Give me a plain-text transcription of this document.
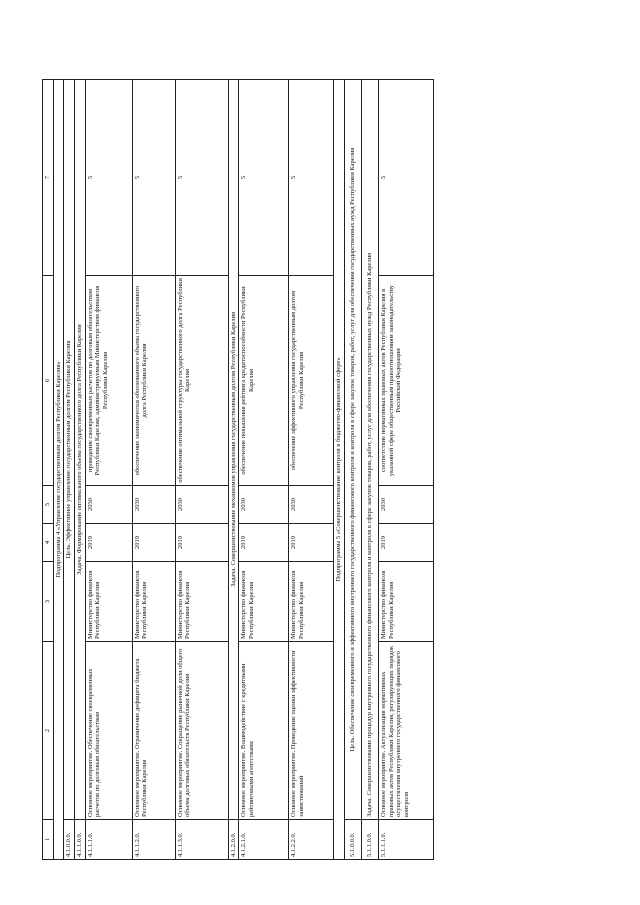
1	2	3	4	5	6	7
Подпрограмма 4 «Управление государственным долгом Республики Карелия»						
4.1.0.0.0.	Цель. Эффективное управление государственным долгом Республики Карелия					
4.1.1.0.0.	Задача. Формирование оптимального объема государственного долга Республики Карелия					
4.1.1.1.0.	Основное мероприятие. Обеспечение своевременных расчетов по долговым обязательствам	Министерство финансов Республики Карелия	2019	2030	проведение своевременных расчетов по долговым обязательствам Республики Карелия, администрируемым Министерством финансов Республики Карелия	5
4.1.1.2.0.	Основное мероприятие. Ограничение дефицита бюджета Республики Карелия	Министерство финансов Республики Карелия	2019	2030	обеспечение экономически обоснованного объема государственного долга Республики Карелия	5
4.1.1.3.0.	Основное мероприятие. Сокращение рыночной доли общего объема долговых обязательств Республики Карелия	Министерство финансов Республики Карелия	2019	2030	обеспечение оптимальной структуры государственного долга Республики Карелия	5
4.1.2.0.0.	Задача. Совершенствование механизмов управления государственным долгом Республики Карелия					
4.1.2.1.0.	Основное мероприятие. Взаимодействие с кредитными рейтинговыми агентствами	Министерство финансов Республики Карелия	2019	2030	обеспечение повышения рейтинга кредитоспособности Республики Карелия	5
4.1.2.2.0.	Основное мероприятие. Проведение оценки эффективности заимствований	Министерство финансов Республики Карелия	2019	2030	обеспечение эффективного управления государственным долгом Республики Карелия	5
Подпрограмма 5 «Совершенствование контроля в бюджетно-финансовой сфере»						
5.1.0.0.0.	Цель. Обеспечение своевременного и эффективного внутреннего государственного финансового контроля и контроля в сфере закупок товаров, работ, услуг для обеспечения государственных нужд Республики Карелия					
5.1.1.0.0.	Задача. Совершенствование процедур внутреннего государственного финансового контроля и контроля в сфере закупок товаров, работ, услуг для обеспечения государственных нужд Республики Карелия					
5.1.1.1.0.	Основное мероприятие. Актуализация нормативных правовых актов Республики Карелия, регулирующих порядок осуществления внутреннего государственного финансового контроля	Министерство финансов Республики Карелия	2019	2030	соответствие нормативных правовых актов Республики Карелия в указанной сфере общественным правоотношениям законодательству Российской Федерации	5
